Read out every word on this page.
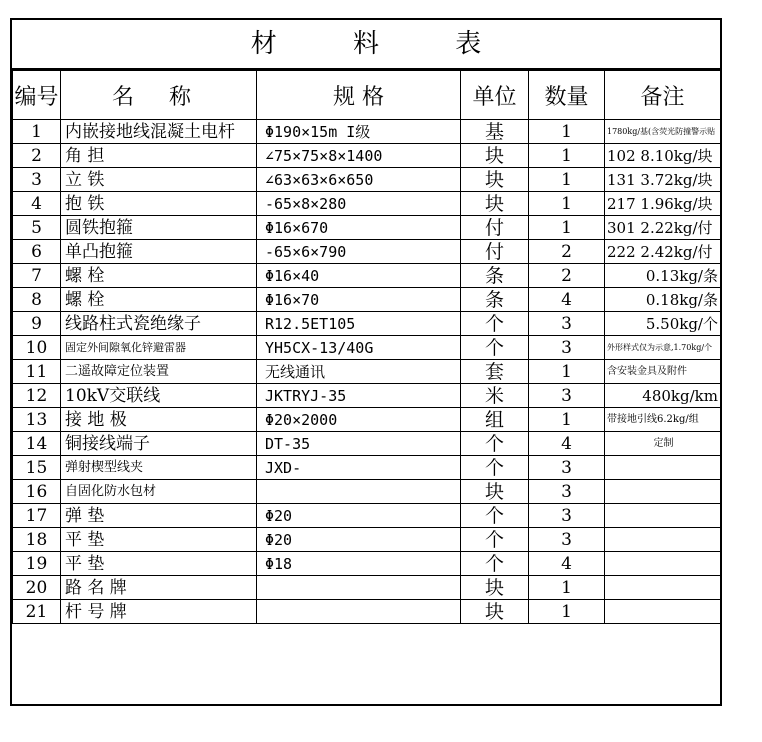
材 料 表
编号	名 称	规 格	单位	数量	备注
1	内嵌接地线混凝土电杆	Φ190×15m I级	基	1	1780kg/基(含荧光防撞警示贴
2	角 担	∠75×75×8×1400	块	1	102 8.10kg/块
3	立 铁	∠63×63×6×650	块	1	131 3.72kg/块
4	抱 铁	-65×8×280	块	1	217 1.96kg/块
5	圆铁抱箍	Φ16×670	付	1	301 2.22kg/付
6	单凸抱箍	-65×6×790	付	2	222 2.42kg/付
7	螺 栓	Φ16×40	条	2	0.13kg/条
8	螺 栓	Φ16×70	条	4	0.18kg/条
9	线路柱式瓷绝缘子	R12.5ET105	个	3	5.50kg/个
10	固定外间隙氧化锌避雷器	YH5CX-13/40G	个	3	外形样式仅为示意,1.70kg/个
11	二遥故障定位装置	无线通讯	套	1	含安装金具及附件
12	10kV交联线	JKTRYJ-35	米	3	480kg/km
13	接 地 极	Φ20×2000	组	1	带接地引线6.2kg/组
14	铜接线端子	DT-35	个	4	定制
15	弹射楔型线夹	JXD-	个	3	
16	自固化防水包材		块	3	
17	弹 垫	Φ20	个	3	
18	平 垫	Φ20	个	3	
19	平 垫	Φ18	个	4	
20	路 名 牌		块	1	
21	杆 号 牌		块	1	
